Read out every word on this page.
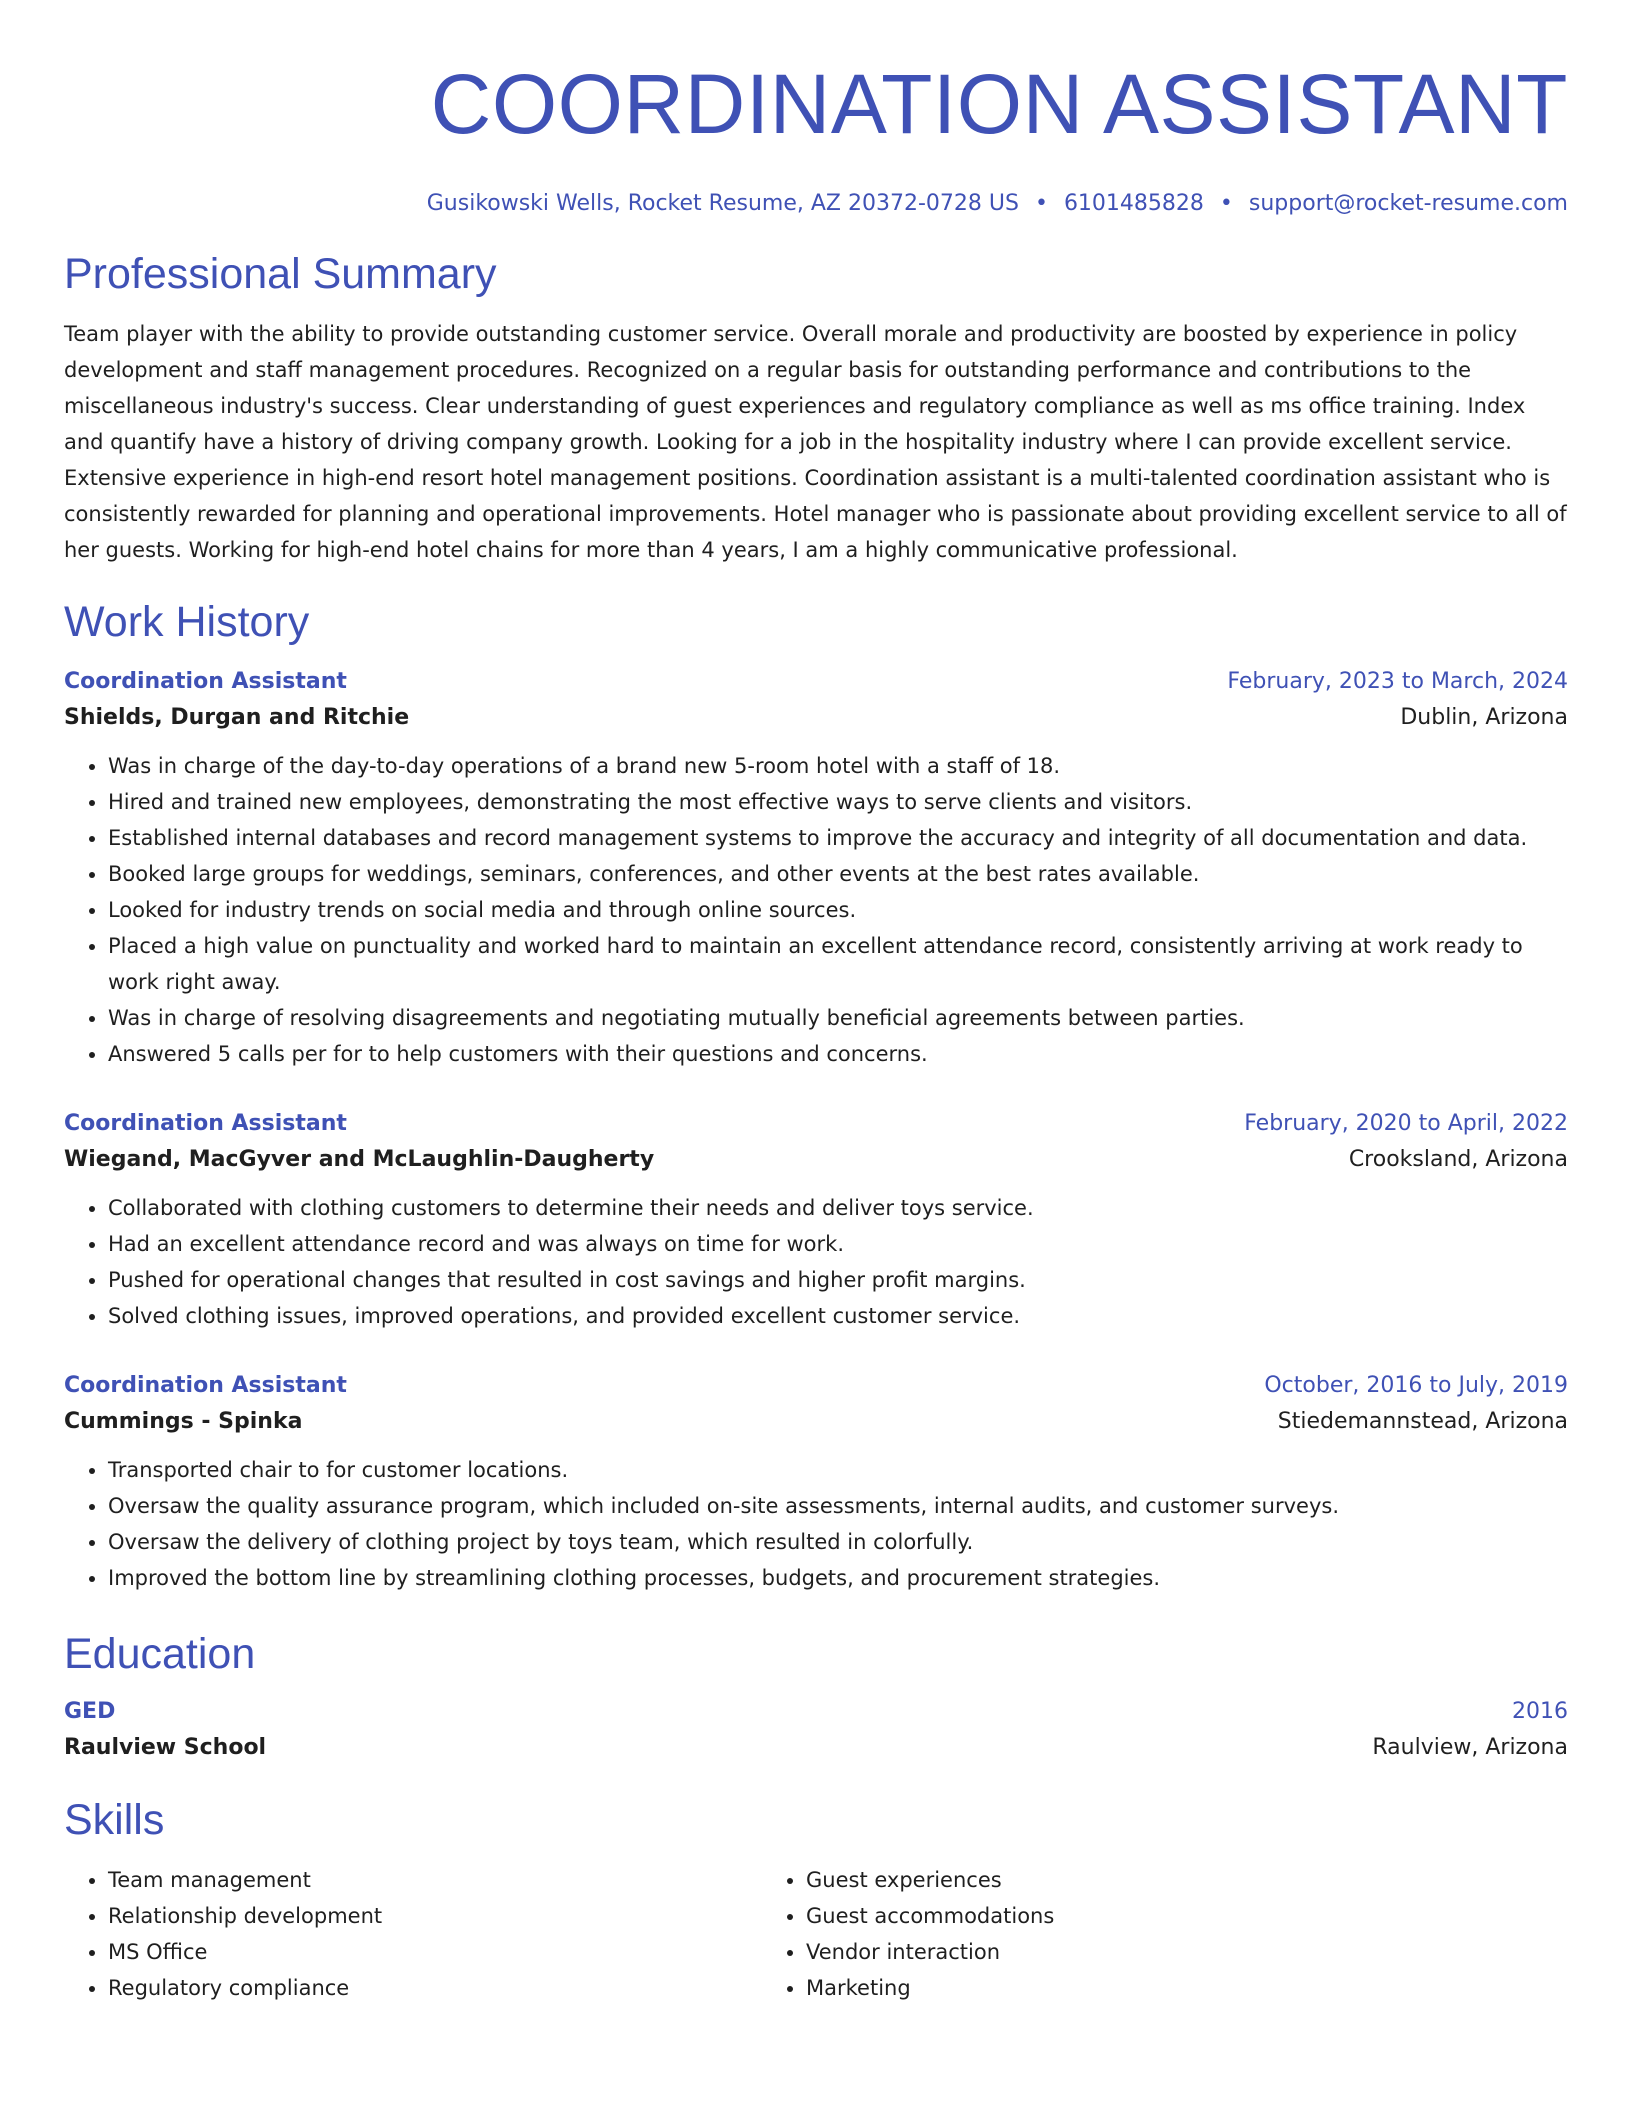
COORDINATION ASSISTANT
Gusikowski Wells, Rocket Resume, AZ 20372-0728 US • 6101485828 • support@rocket-resume.com
Professional Summary

Team player with the ability to provide outstanding customer service. Overall morale and productivity are boosted by experience in policy development and staff management procedures. Recognized on a regular basis for outstanding performance and contributions to the miscellaneous industry's success. Clear understanding of guest experiences and regulatory compliance as well as ms office training. Index and quantify have a history of driving company growth. Looking for a job in the hospitality industry where I can provide excellent service. Extensive experience in high-end resort hotel management positions. Coordination assistant is a multi-talented coordination assistant who is consistently rewarded for planning and operational improvements. Hotel manager who is passionate about providing excellent service to all of her guests. Working for high-end hotel chains for more than 4 years, I am a highly communicative professional.

Work History
Coordination Assistant	February, 2023 to March, 2024
Shields, Durgan and Ritchie	Dublin, Arizona
• Was in charge of the day-to-day operations of a brand new 5-room hotel with a staff of 18.
• Hired and trained new employees, demonstrating the most effective ways to serve clients and visitors.
• Established internal databases and record management systems to improve the accuracy and integrity of all documentation and data.
• Booked large groups for weddings, seminars, conferences, and other events at the best rates available.
• Looked for industry trends on social media and through online sources.
• Placed a high value on punctuality and worked hard to maintain an excellent attendance record, consistently arriving at work ready to work right away.
• Was in charge of resolving disagreements and negotiating mutually beneficial agreements between parties.
• Answered 5 calls per for to help customers with their questions and concerns.
Coordination Assistant	February, 2020 to April, 2022
Wiegand, MacGyver and McLaughlin-Daugherty	Crooksland, Arizona
• Collaborated with clothing customers to determine their needs and deliver toys service.
• Had an excellent attendance record and was always on time for work.
• Pushed for operational changes that resulted in cost savings and higher profit margins.
• Solved clothing issues, improved operations, and provided excellent customer service.
Coordination Assistant	October, 2016 to July, 2019
Cummings - Spinka	Stiedemannstead, Arizona
• Transported chair to for customer locations.
• Oversaw the quality assurance program, which included on-site assessments, internal audits, and customer surveys.
• Oversaw the delivery of clothing project by toys team, which resulted in colorfully.
• Improved the bottom line by streamlining clothing processes, budgets, and procurement strategies.
Education
GED	2016
Raulview School	Raulview, Arizona
Skills
• Team management
• Relationship development
• MS Office
• Regulatory compliance
• Guest experiences
• Guest accommodations
• Vendor interaction
• Marketing
